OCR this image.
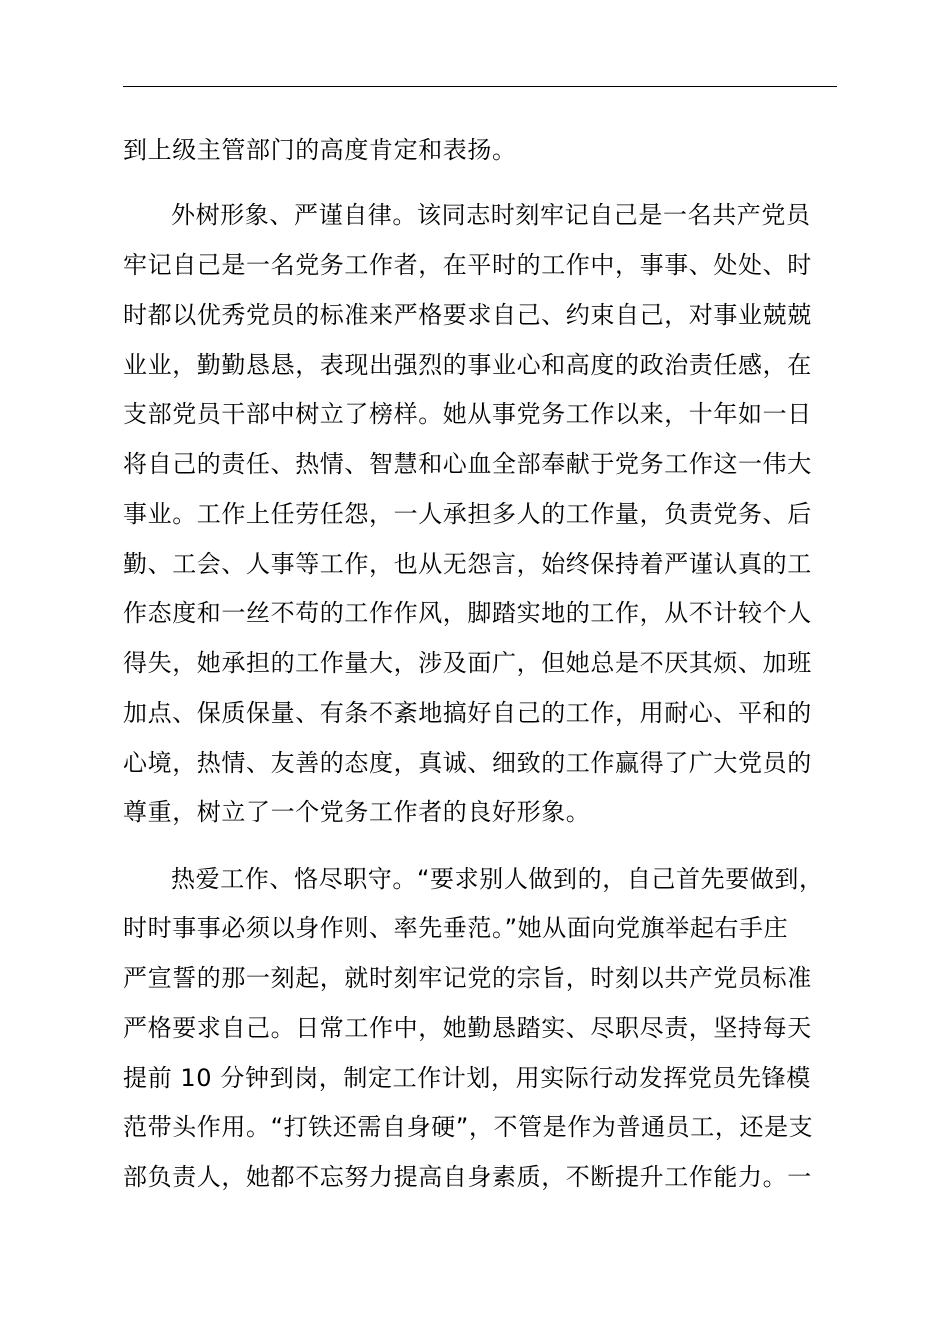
到上级主管部门的高度肯定和表扬。
外树形象、严谨自律。该同志时刻牢记自己是一名共产党员
牢记自己是一名党务工作者，在平时的工作中，事事、处处、时
时都以优秀党员的标准来严格要求自己、约束自己，对事业兢兢
业业，勤勤恳恳，表现出强烈的事业心和高度的政治责任感，在
支部党员干部中树立了榜样。她从事党务工作以来，十年如一日
将自己的责任、热情、智慧和心血全部奉献于党务工作这一伟大
事业。工作上任劳任怨，一人承担多人的工作量，负责党务、后
勤、工会、人事等工作，也从无怨言，始终保持着严谨认真的工
作态度和一丝不苟的工作作风，脚踏实地的工作，从不计较个人
得失，她承担的工作量大，涉及面广，但她总是不厌其烦、加班
加点、保质保量、有条不紊地搞好自己的工作，用耐心、平和的
心境，热情、友善的态度，真诚、细致的工作赢得了广大党员的
尊重，树立了一个党务工作者的良好形象。
热爱工作、恪尽职守。“要求别人做到的，自己首先要做到，
时时事事必须以身作则、率先垂范。”她从面向党旗举起右手庄
严宣誓的那一刻起，就时刻牢记党的宗旨，时刻以共产党员标准
严格要求自己。日常工作中，她勤恳踏实、尽职尽责，坚持每天
提前 10 分钟到岗，制定工作计划，用实际行动发挥党员先锋模
范带头作用。“打铁还需自身硬”，不管是作为普通员工，还是支
部负责人，她都不忘努力提高自身素质，不断提升工作能力。一
